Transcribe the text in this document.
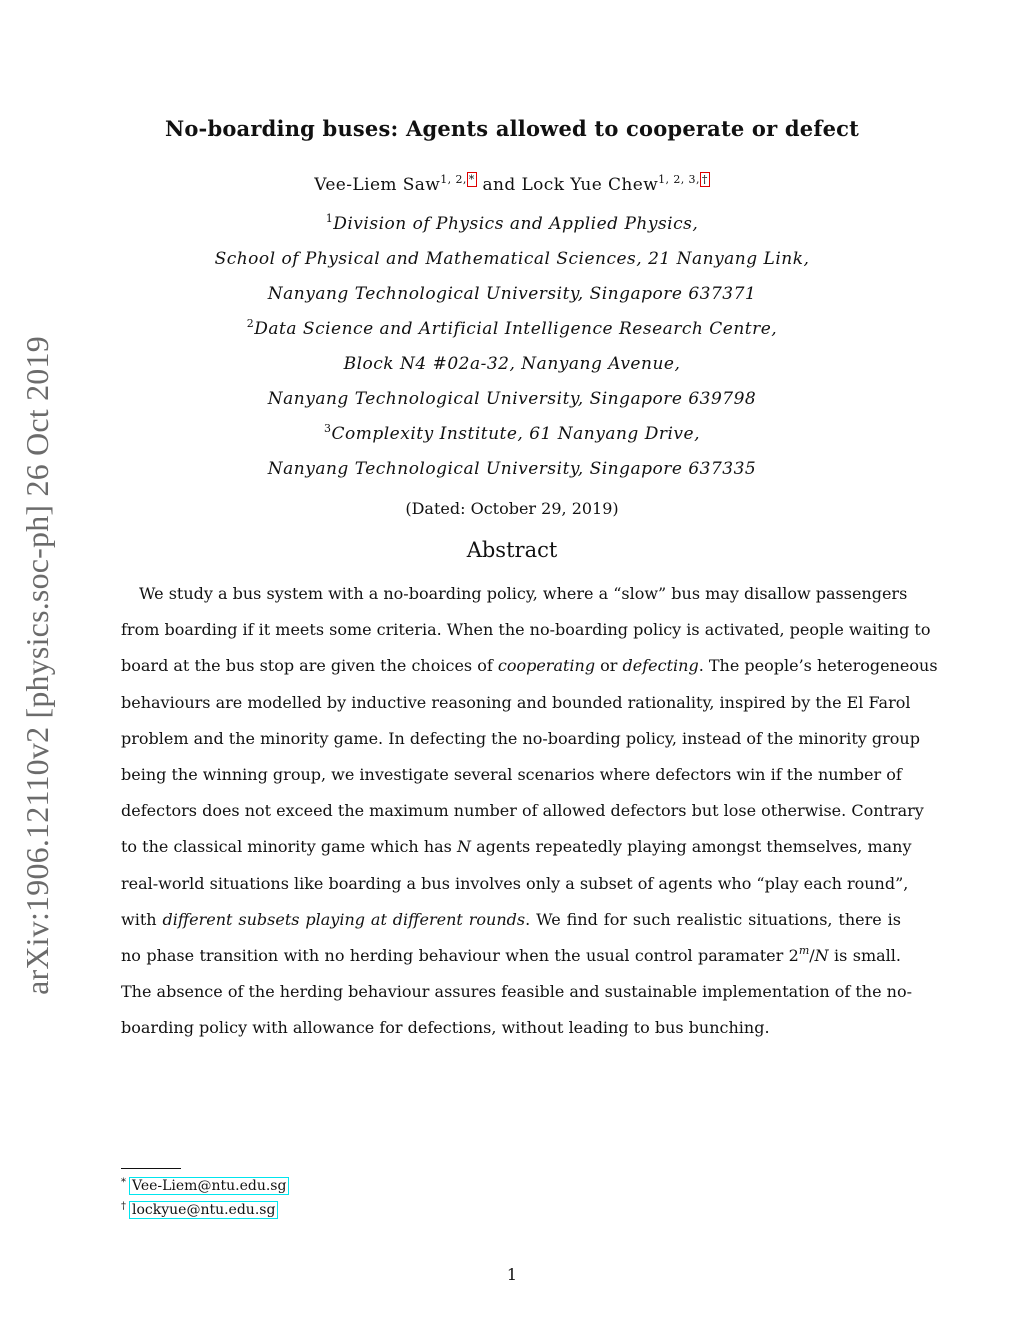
arXiv:1906.12110v2 [physics.soc-ph] 26 Oct 2019
No-boarding buses: Agents allowed to cooperate or defect
Vee-Liem Saw$^{1, 2, *}$ and Lock Yue Chew$^{1, 2, 3, \dagger}$
$^1$Division of Physics and Applied Physics,
School of Physical and Mathematical Sciences, 21 Nanyang Link,
Nanyang Technological University, Singapore 637371
$^2$Data Science and Artificial Intelligence Research Centre,
Block N4 #02a-32, Nanyang Avenue,
Nanyang Technological University, Singapore 639798
$^3$Complexity Institute, 61 Nanyang Drive,
Nanyang Technological University, Singapore 637335
(Dated: October 29, 2019)
Abstract
We study a bus system with a no-boarding policy, where a “slow” bus may disallow passengers
from boarding if it meets some criteria. When the no-boarding policy is activated, people waiting to
board at the bus stop are given the choices of cooperating or defecting. The people’s heterogeneous
behaviours are modelled by inductive reasoning and bounded rationality, inspired by the El Farol
problem and the minority game. In defecting the no-boarding policy, instead of the minority group
being the winning group, we investigate several scenarios where defectors win if the number of
defectors does not exceed the maximum number of allowed defectors but lose otherwise. Contrary
to the classical minority game which has N agents repeatedly playing amongst themselves, many
real-world situations like boarding a bus involves only a subset of agents who “play each round”,
with different subsets playing at different rounds. We find for such realistic situations, there is
no phase transition with no herding behaviour when the usual control paramater 2$^m$/N is small.
The absence of the herding behaviour assures feasible and sustainable implementation of the no-
boarding policy with allowance for defections, without leading to bus bunching.
* Vee-Liem@ntu.edu.sg
† lockyue@ntu.edu.sg
1
